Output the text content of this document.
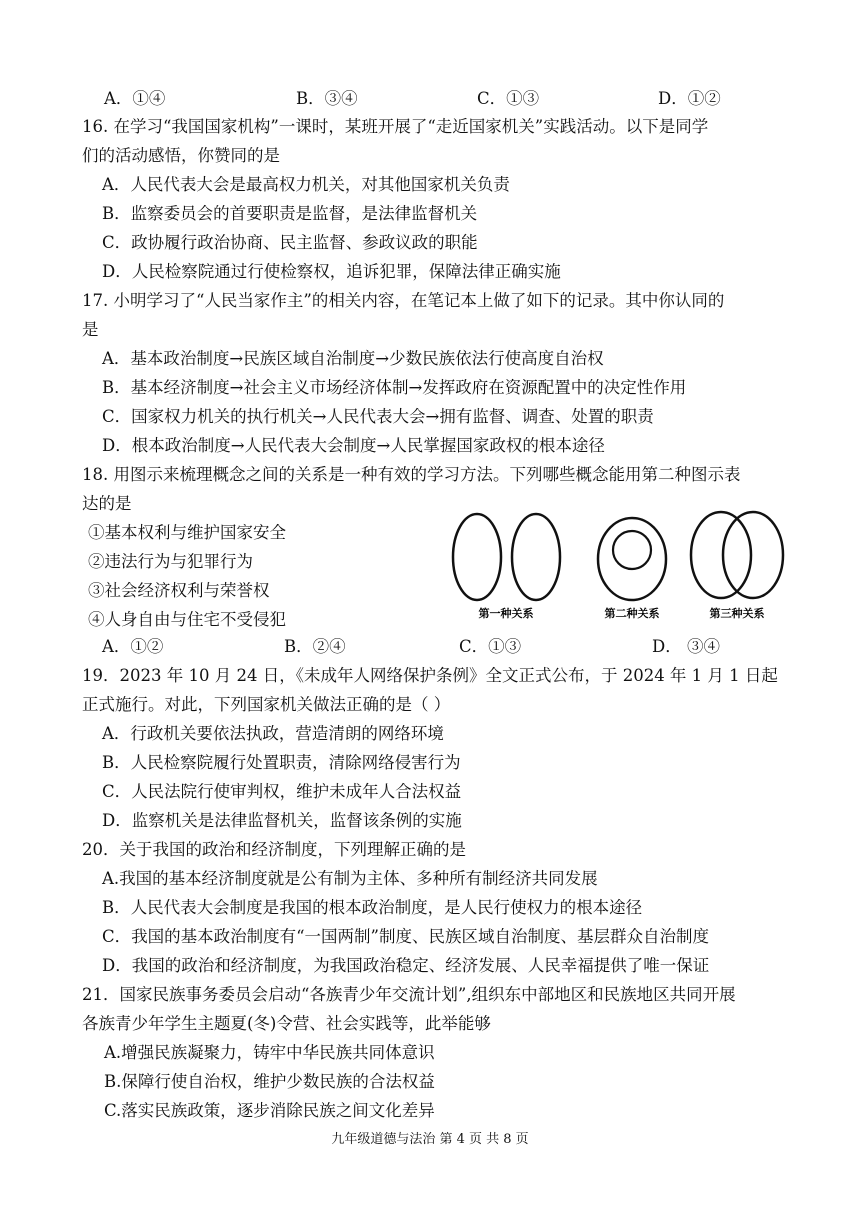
A．①④	B．③④	C．①③	D．①②
16. 在学习“我国国家机构”一课时，某班开展了“走近国家机关”实践活动。以下是同学
们的活动感悟，你赞同的是
A．人民代表大会是最高权力机关，对其他国家机关负责
B．监察委员会的首要职责是监督，是法律监督机关
C．政协履行政治协商、民主监督、参政议政的职能
D．人民检察院通过行使检察权，追诉犯罪，保障法律正确实施
17. 小明学习了“人民当家作主”的相关内容，在笔记本上做了如下的记录。其中你认同的
是
A．基本政治制度→民族区域自治制度→少数民族依法行使高度自治权
B．基本经济制度→社会主义市场经济体制→发挥政府在资源配置中的决定性作用
C．国家权力机关的执行机关→人民代表大会→拥有监督、调查、处置的职责
D．根本政治制度→人民代表大会制度→人民掌握国家政权的根本途径
18. 用图示来梳理概念之间的关系是一种有效的学习方法。下列哪些概念能用第二种图示表
达的是
①基本权利与维护国家安全
②违法行为与犯罪行为
③社会经济权利与荣誉权
④人身自由与住宅不受侵犯	第一种关系	第二种关系	第三种关系
A．①②	B．②④	C．①③	D． ③④
19．2023 年 10 月 24 日，《未成年人网络保护条例》全文正式公布，于 2024 年 1 月 1 日起
正式施行。对此，下列国家机关做法正确的是（ ）
A．行政机关要依法执政，营造清朗的网络环境
B．人民检察院履行处置职责，清除网络侵害行为
C．人民法院行使审判权，维护未成年人合法权益
D．监察机关是法律监督机关，监督该条例的实施
20．关于我国的政治和经济制度，下列理解正确的是
A.我国的基本经济制度就是公有制为主体、多种所有制经济共同发展
B．人民代表大会制度是我国的根本政治制度，是人民行使权力的根本途径
C．我国的基本政治制度有“一国两制”制度、民族区域自治制度、基层群众自治制度
D．我国的政治和经济制度，为我国政治稳定、经济发展、人民幸福提供了唯一保证
21．国家民族事务委员会启动“各族青少年交流计划”,组织东中部地区和民族地区共同开展
各族青少年学生主题夏(冬)令营、社会实践等，此举能够
A.增强民族凝聚力，铸牢中华民族共同体意识
B.保障行使自治权，维护少数民族的合法权益
C.落实民族政策，逐步消除民族之间文化差异
九年级道德与法治 第 4 页 共 8 页
